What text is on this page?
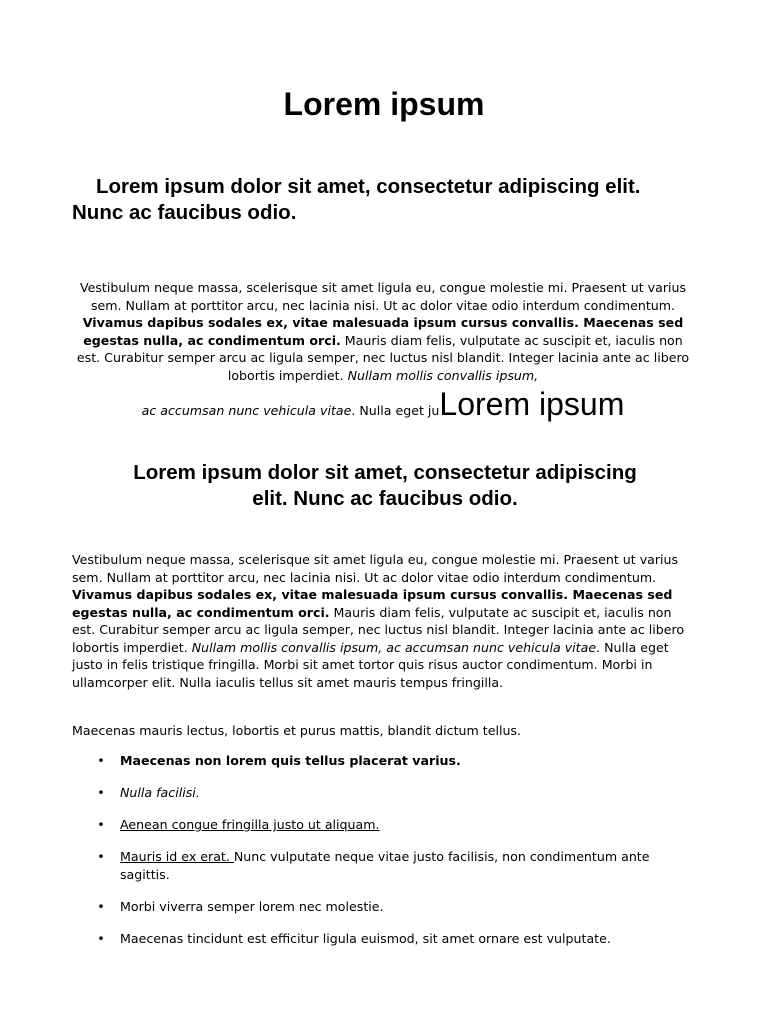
Lorem ipsum
Lorem ipsum dolor sit amet, consectetur adipiscing elit. Nunc ac faucibus odio.

Vestibulum neque massa, scelerisque sit amet ligula eu, congue molestie mi. Praesent ut varius sem. Nullam at porttitor arcu, nec lacinia nisi. Ut ac dolor vitae odio interdum condimentum. Vivamus dapibus sodales ex, vitae malesuada ipsum cursus convallis. Maecenas sed egestas nulla, ac condimentum orci. Mauris diam felis, vulputate ac suscipit et, iaculis non est. Curabitur semper arcu ac ligula semper, nec luctus nisl blandit. Integer lacinia ante ac libero lobortis imperdiet. Nullam mollis convallis ipsum,
ac accumsan nunc vehicula vitae. Nulla eget juLorem ipsum

Lorem ipsum dolor sit amet, consectetur adipiscing elit. Nunc ac faucibus odio.

Vestibulum neque massa, scelerisque sit amet ligula eu, congue molestie mi. Praesent ut varius sem. Nullam at porttitor arcu, nec lacinia nisi. Ut ac dolor vitae odio interdum condimentum. Vivamus dapibus sodales ex, vitae malesuada ipsum cursus convallis. Maecenas sed egestas nulla, ac condimentum orci. Mauris diam felis, vulputate ac suscipit et, iaculis non est. Curabitur semper arcu ac ligula semper, nec luctus nisl blandit. Integer lacinia ante ac libero lobortis imperdiet. Nullam mollis convallis ipsum, ac accumsan nunc vehicula vitae. Nulla eget justo in felis tristique fringilla. Morbi sit amet tortor quis risus auctor condimentum. Morbi in ullamcorper elit. Nulla iaculis tellus sit amet mauris tempus fringilla.

Maecenas mauris lectus, lobortis et purus mattis, blandit dictum tellus.

• Maecenas non lorem quis tellus placerat varius.
• Nulla facilisi.
• Aenean congue fringilla justo ut aliquam.
• Mauris id ex erat. Nunc vulputate neque vitae justo facilisis, non condimentum ante sagittis.
• Morbi viverra semper lorem nec molestie.
• Maecenas tincidunt est efficitur ligula euismod, sit amet ornare est vulputate.
